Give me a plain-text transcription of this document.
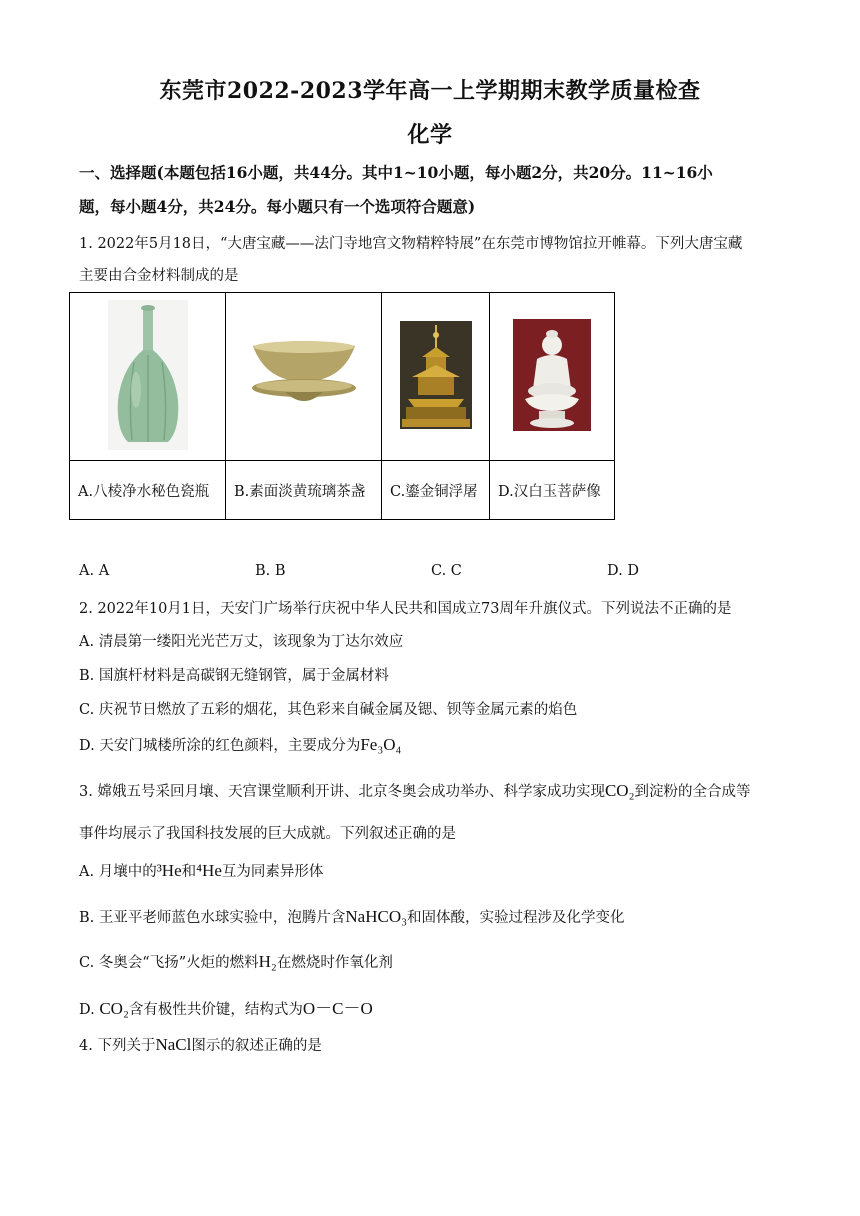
东莞市2022-2023学年高一上学期期末教学质量检查
化学
一、选择题(本题包括16小题，共44分。其中1~10小题，每小题2分，共20分。11~16小
题，每小题4分，共24分。每小题只有一个选项符合题意)
1. 2022年5月18日，“大唐宝藏——法门寺地宫文物精粹特展”在东莞市博物馆拉开帷幕。下列大唐宝藏
主要由合金材料制成的是

A.八棱净水秘色瓷瓶	B.素面淡黄琉璃茶盏	C.鎏金铜浮屠	D.汉白玉菩萨像
A. A	B. B	C. C	D. D
2. 2022年10月1日，天安门广场举行庆祝中华人民共和国成立73周年升旗仪式。下列说法不正确的是
A. 清晨第一缕阳光光芒万丈，该现象为丁达尔效应
B. 国旗杆材料是高碳钢无缝钢管，属于金属材料
C. 庆祝节日燃放了五彩的烟花，其色彩来自碱金属及锶、钡等金属元素的焰色
D. 天安门城楼所涂的红色颜料，主要成分为Fe₃O₄
3. 嫦娥五号采回月壤、天宫课堂顺利开讲、北京冬奥会成功举办、科学家成功实现CO₂到淀粉的全合成等
事件均展示了我国科技发展的巨大成就。下列叙述正确的是
A. 月壤中的³He和⁴He互为同素异形体
B. 王亚平老师蓝色水球实验中，泡腾片含NaHCO₃和固体酸，实验过程涉及化学变化
C. 冬奥会“飞扬”火炬的燃料H₂在燃烧时作氧化剂
D. CO₂含有极性共价键，结构式为O－C－O
4. 下列关于NaCl图示的叙述正确的是
